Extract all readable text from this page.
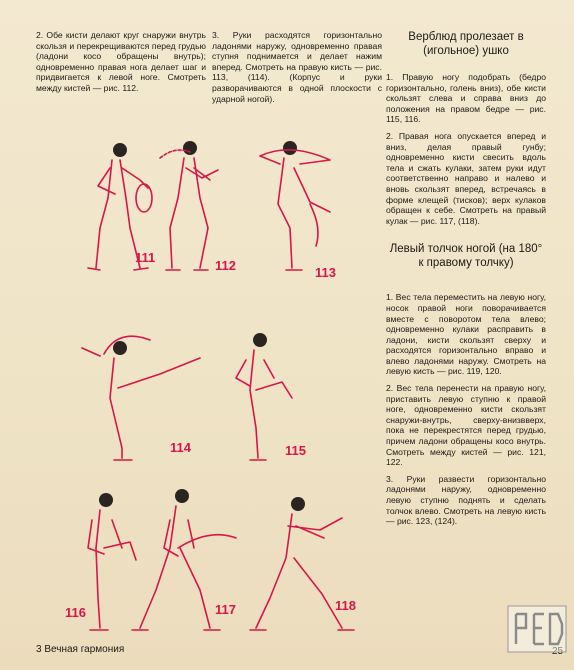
2. Обе кисти делают круг снаружи внутрь скользя и перекрещиваются перед грудью (ладони косо обращены внутрь); одновременно правая нога делает шаг и придвигается к левой ноге. Смотреть между кистей — рис. 112.

3. Руки расходятся горизонтально ладонями наружу, одновременно правая ступня поднимается и делает нажим вперед. Смотреть на правую кисть — рис. 113, (114). (Корпус и руки разворачиваются в одной плоскости с ударной ногой).

Верблюд пролезает в (игольное) ушко

1. Правую ногу подобрать (бедро горизонтально, голень вниз), обе кисти скользят слева и справа вниз до положения на правом бедре — рис. 115, 116.

2. Правая нога опускается вперед и вниз, делая правый гунбу; одновременно кисти свесить вдоль тела и сжать кулаки, затем руки идут соответственно направо и налево и вновь скользят вперед, встречаясь в форме клещей (тисков); верх кулаков обращен к себе. Смотреть на правый кулак — рис. 117, (118).

Левый толчок ногой (на 180° к правому толчку)

1. Вес тела переместить на левую ногу, носок правой ноги поворачивается вместе с поворотом тела влево; одновременно кулаки расправить в ладони, кисти скользят сверху и расходятся горизонтально вправо и влево ладонями наружу. Смотреть на левую кисть — рис. 119, 120.

2. Вес тела перенести на правую ногу, приставить левую ступню к правой ноге, одновременно кисти скользят снаружи-внутрь, сверху-внизвверх, пока не перекрестятся перед грудью, причем ладони обращены косо внутрь. Смотреть между кистей — рис. 121, 122.

3. Руки развести горизонтально ладонями наружу, одновременно левую ступню поднять и сделать толчок влево. Смотреть на левую кисть — рис. 123, (124).

111
112	113
114	115
116	117	118
3 Вечная гармония
